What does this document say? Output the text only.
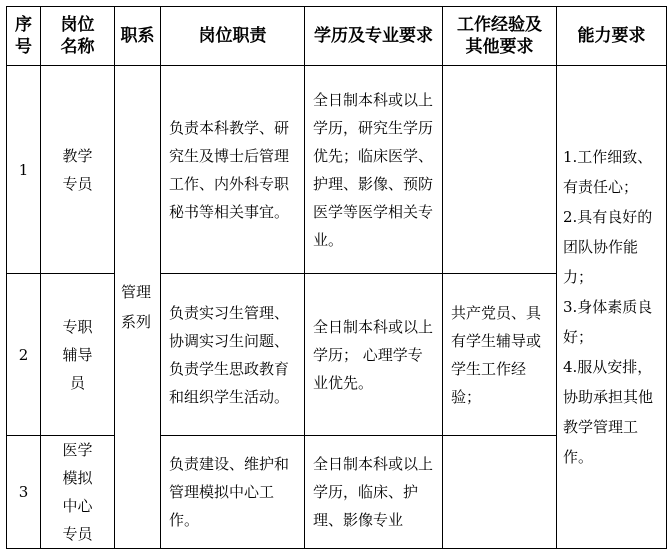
序号	岗位名称	职系	岗位职责	学历及专业要求	工作经验及其他要求	能力要求
1	教学专员	管理系列	负责本科教学、研究生及博士后管理工作、内外科专职秘书等相关事宜。	全日制本科或以上学历，研究生学历优先；临床医学、护理、影像、预防医学等医学相关专业。		1.工作细致、有责任心；
2.具有良好的团队协作能力；
3.身体素质良好；
4.服从安排，协助承担其他教学管理工作。

2	专职辅导员		负责实习生管理、协调实习生问题、负责学生思政教育和组织学生活动。	全日制本科或以上学历； 心理学专业优先。	共产党员、具有学生辅导或学生工作经验；	
3	医学模拟中心专员		负责建设、维护和管理模拟中心工作。	全日制本科或以上学历，临床、护理、影像专业		
